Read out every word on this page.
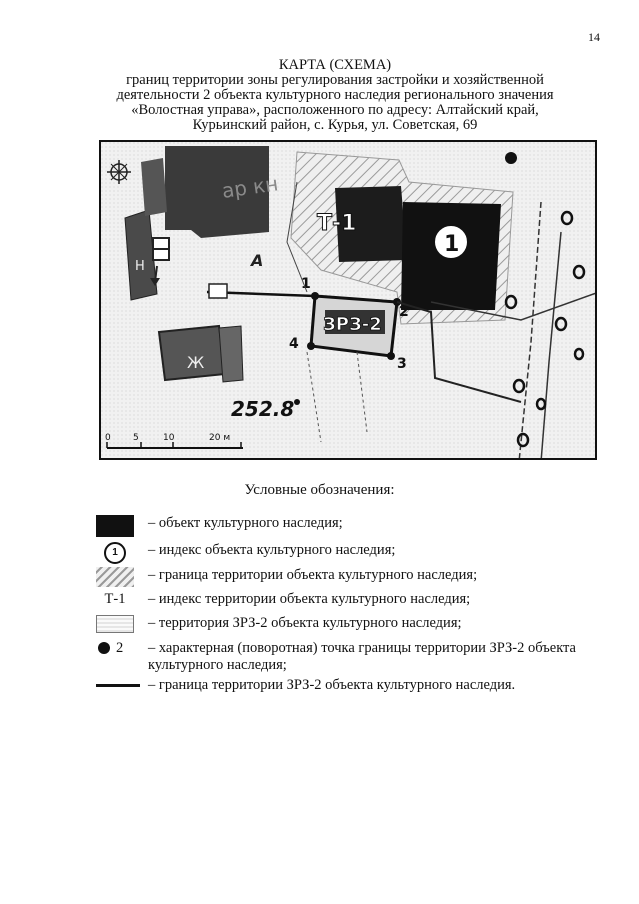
14
КАРТА (СХЕМА)
границ территории зоны регулирования застройки и хозяйственной
деятельности 2 объекта культурного наследия регионального значения
«Волостная управа», расположенного по адресу: Алтайский край,
Курьинский район, с. Курья, ул. Советская, 69
ар кн
Н
Т-1
1
ЗРЗ-2
1
2
3
4
А
Ж
252.8
0 5	10	20 м
Условные обозначения:
– объект культурного наследия;
1	– индекс объекта культурного наследия;
– граница территории объекта культурного наследия;
Т-1	– индекс территории объекта культурного наследия;
– территория ЗРЗ-2 объекта культурного наследия;
2 – характерная (поворотная) точка границы территории ЗРЗ-2 объекта культурного наследия;
– граница территории ЗРЗ-2 объекта культурного наследия.
